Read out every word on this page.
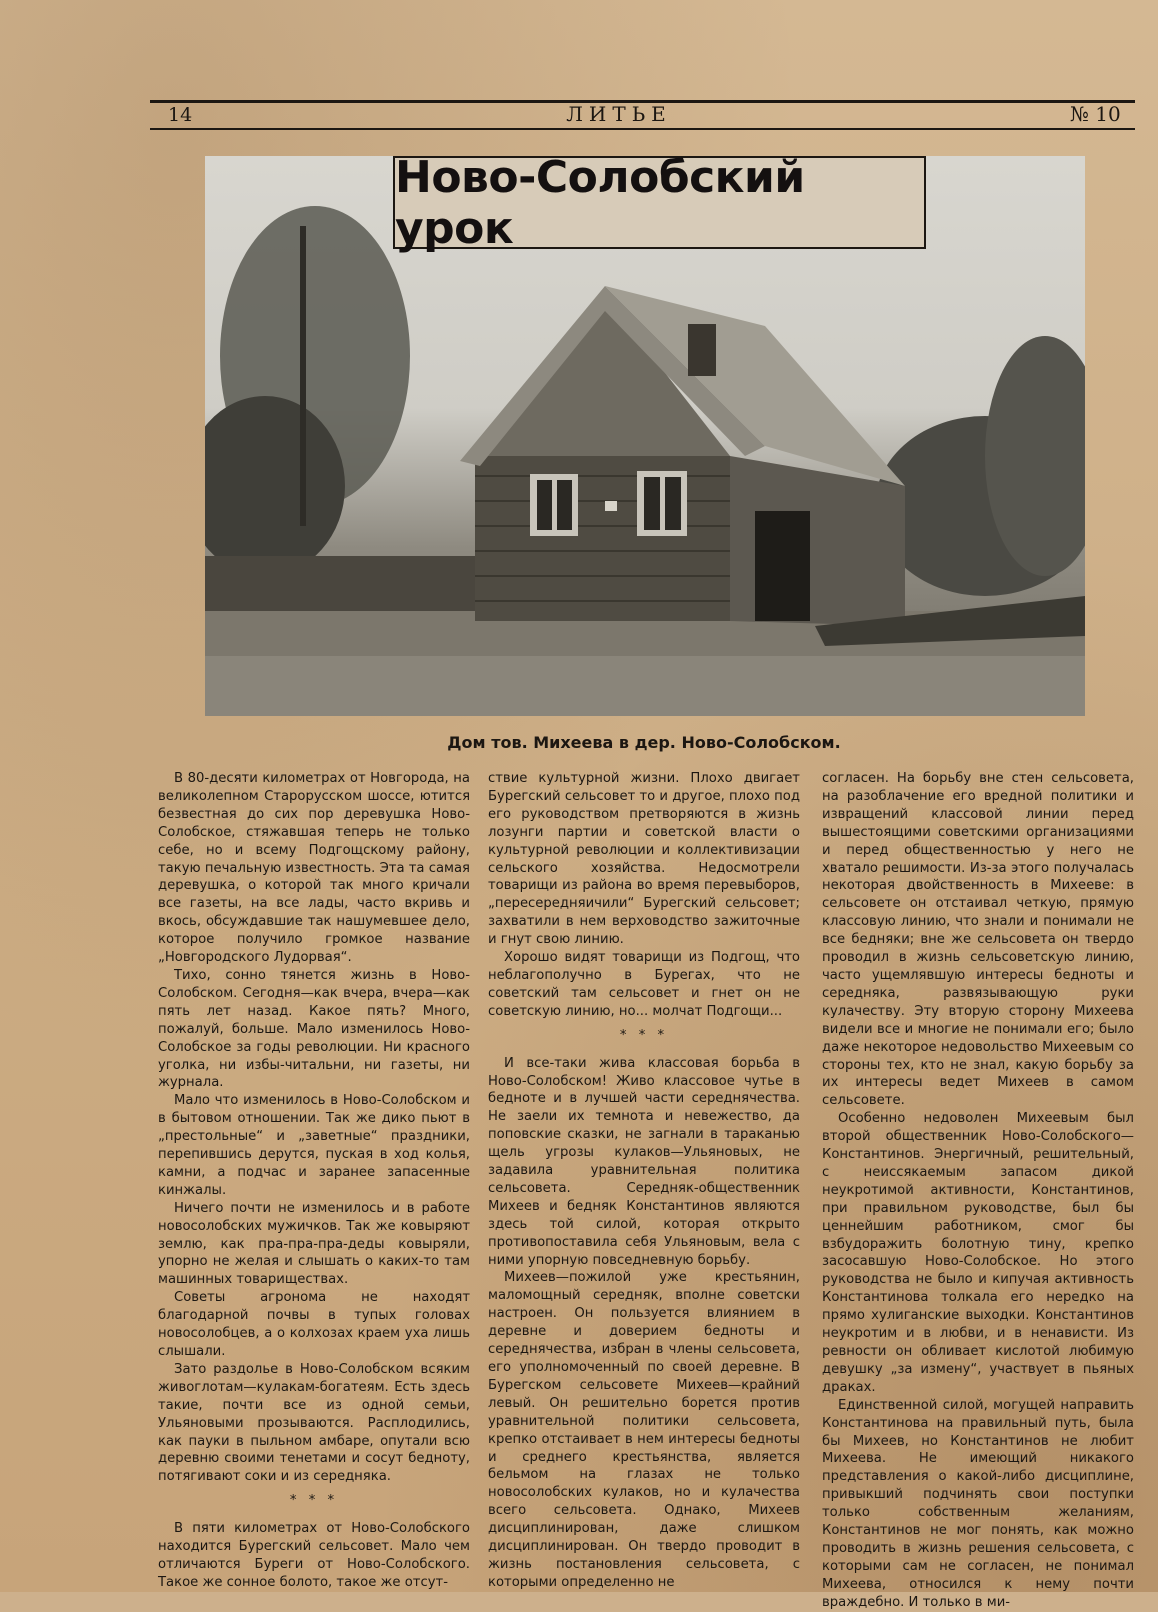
14	ЛИТЬЕ	№ 10
Ново-Солобский урок
Дом тов. Михеева в дер. Ново-Солобском.

В 80-десяти километрах от Новгорода, на великолепном Старорусском шоссе, ютится безвестная до сих пор деревушка Ново-Солобское, стяжавшая теперь не только себе, но и всему Подгощскому району, такую печальную известность. Эта та самая деревушка, о которой так много кричали все газеты, на все лады, часто вкривь и вкось, обсуждавшие так нашумевшее дело, которое получило громкое название „Новгородского Лудорвая“.

Тихо, сонно тянется жизнь в Ново-Солобском. Сегодня—как вчера, вчера—как пять лет назад. Какое пять? Много, пожалуй, больше. Мало изменилось Ново-Солобское за годы революции. Ни красного уголка, ни избы-читальни, ни газеты, ни журнала.

Мало что изменилось в Ново-Солобском и в бытовом отношении. Так же дико пьют в „престольные“ и „заветные“ праздники, перепившись дерутся, пуская в ход колья, камни, а подчас и заранее запасенные кинжалы.

Ничего почти не изменилось и в работе новосолобских мужичков. Так же ковыряют землю, как пра-пра-пра-деды ковыряли, упорно не желая и слышать о каких-то там машинных товариществах.

Советы агронома не находят благодарной почвы в тупых головах новосолобцев, а о колхозах краем уха лишь слышали.

Зато раздолье в Ново-Солобском всяким живоглотам—кулакам-богатеям. Есть здесь такие, почти все из одной семьи, Ульяновыми прозываются. Расплодились, как пауки в пыльном амбаре, опутали всю деревню своими тенетами и сосут бедноту, потягивают соки и из середняка.

* * *

В пяти километрах от Ново-Солобского находится Бурегский сельсовет. Мало чем отличаются Буреги от Ново-Солобского. Такое же сонное болото, такое же отсут-

ствие культурной жизни. Плохо двигает Бурегский сельсовет то и другое, плохо под его руководством претворяются в жизнь лозунги партии и советской власти о культурной революции и коллективизации сельского хозяйства. Недосмотрели товарищи из района во время перевыборов, „пересередняичили“ Бурегский сельсовет; захватили в нем верховодство зажиточные и гнут свою линию.

Хорошо видят товарищи из Подгощ, что неблагополучно в Бурегах, что не советский там сельсовет и гнет он не советскую линию, но... молчат Подгощи...

* * *

И все-таки жива классовая борьба в Ново-Солобском! Живо классовое чутье в бедноте и в лучшей части середнячества. Не заели их темнота и невежество, да поповские сказки, не загнали в тараканью щель угрозы кулаков—Ульяновых, не задавила уравнительная политика сельсовета. Середняк-общественник Михеев и бедняк Константинов являются здесь той силой, которая открыто противопоставила себя Ульяновым, вела с ними упорную повседневную борьбу.

Михеев—пожилой уже крестьянин, маломощный середняк, вполне советски настроен. Он пользуется влиянием в деревне и доверием бедноты и середнячества, избран в члены сельсовета, его уполномоченный по своей деревне. В Бурегском сельсовете Михеев—крайний левый. Он решительно борется против уравнительной политики сельсовета, крепко отстаивает в нем интересы бедноты и среднего крестьянства, является бельмом на глазах не только новосолобских кулаков, но и кулачества всего сельсовета. Однако, Михеев дисциплинирован, даже слишком дисциплинирован. Он твердо проводит в жизнь постановления сельсовета, с которыми определенно не

согласен. На борьбу вне стен сельсовета, на разоблачение его вредной политики и извращений классовой линии перед вышестоящими советскими организациями и перед общественностью у него не хватало решимости. Из-за этого получалась некоторая двойственность в Михееве: в сельсовете он отстаивал четкую, прямую классовую линию, что знали и понимали не все бедняки; вне же сельсовета он твердо проводил в жизнь сельсоветскую линию, часто ущемлявшую интересы бедноты и середняка, развязывающую руки кулачеству. Эту вторую сторону Михеева видели все и многие не понимали его; было даже некоторое недовольство Михеевым со стороны тех, кто не знал, какую борьбу за их интересы ведет Михеев в самом сельсовете.

Особенно недоволен Михеевым был второй общественник Ново-Солобского—Константинов. Энергичный, решительный, с неиссякаемым запасом дикой неукротимой активности, Константинов, при правильном руководстве, был бы ценнейшим работником, смог бы взбудоражить болотную тину, крепко засосавшую Ново-Солобское. Но этого руководства не было и кипучая активность Константинова толкала его нередко на прямо хулиганские выходки. Константинов неукротим и в любви, и в ненависти. Из ревности он обливает кислотой любимую девушку „за измену“, участвует в пьяных драках.

Единственной силой, могущей направить Константинова на правильный путь, была бы Михеев, но Константинов не любит Михеева. Не имеющий никакого представления о какой-либо дисциплине, привыкший подчинять свои поступки только собственным желаниям, Константинов не мог понять, как можно проводить в жизнь решения сельсовета, с которыми сам не согласен, не понимал Михеева, относился к нему почти враждебно. И только в ми-
